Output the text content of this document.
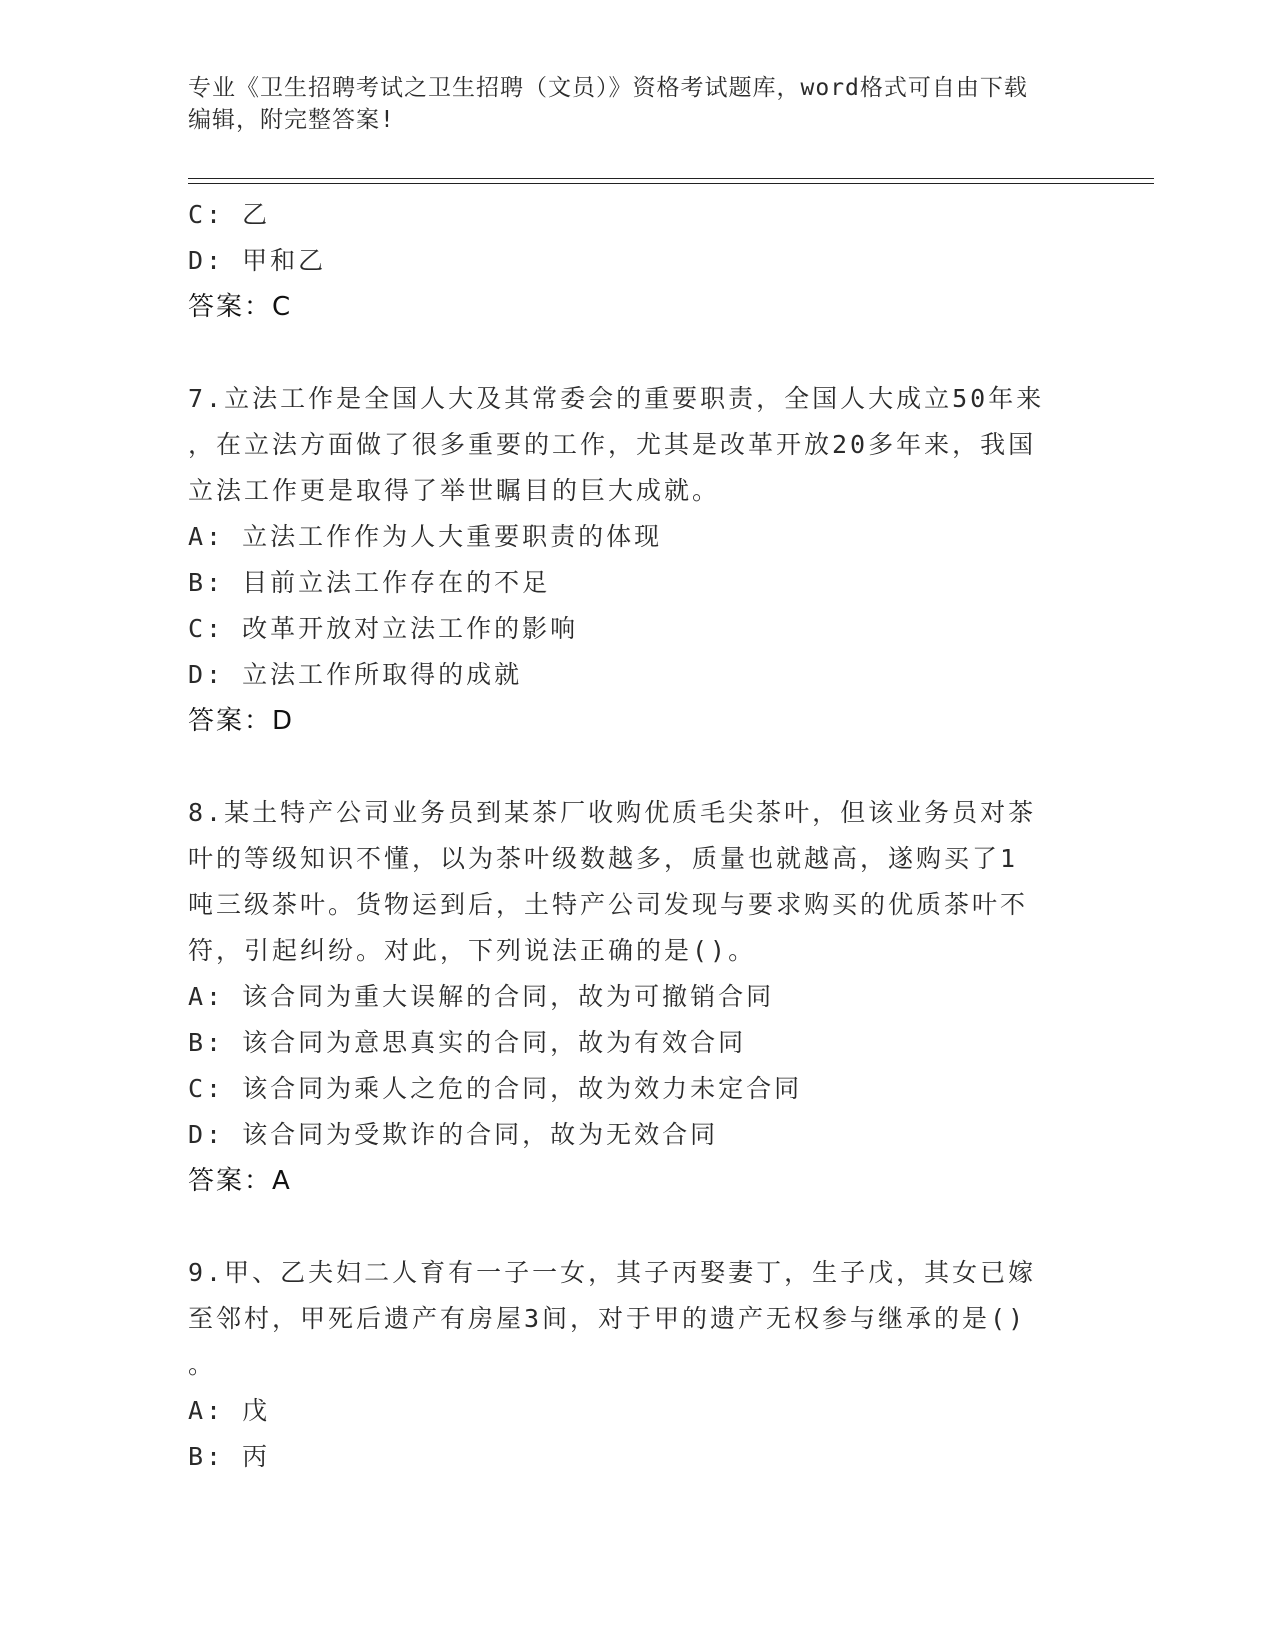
专业《卫生招聘考试之卫生招聘（文员）》资格考试题库，word格式可自由下载
编辑，附完整答案!
C: 乙
D: 甲和乙
答案：C
7.立法工作是全国人大及其常委会的重要职责，全国人大成立50年来
，在立法方面做了很多重要的工作，尤其是改革开放20多年来，我国
立法工作更是取得了举世瞩目的巨大成就。
A: 立法工作作为人大重要职责的体现
B: 目前立法工作存在的不足
C: 改革开放对立法工作的影响
D: 立法工作所取得的成就
答案：D
8.某土特产公司业务员到某茶厂收购优质毛尖茶叶，但该业务员对茶
叶的等级知识不懂，以为茶叶级数越多，质量也就越高，遂购买了1
吨三级茶叶。货物运到后，土特产公司发现与要求购买的优质茶叶不
符，引起纠纷。对此，下列说法正确的是()。
A: 该合同为重大误解的合同，故为可撤销合同
B: 该合同为意思真实的合同，故为有效合同
C: 该合同为乘人之危的合同，故为效力未定合同
D: 该合同为受欺诈的合同，故为无效合同
答案：A
9.甲、乙夫妇二人育有一子一女，其子丙娶妻丁，生子戊，其女已嫁
至邻村，甲死后遗产有房屋3间，对于甲的遗产无权参与继承的是()
。
A: 戊
B: 丙
